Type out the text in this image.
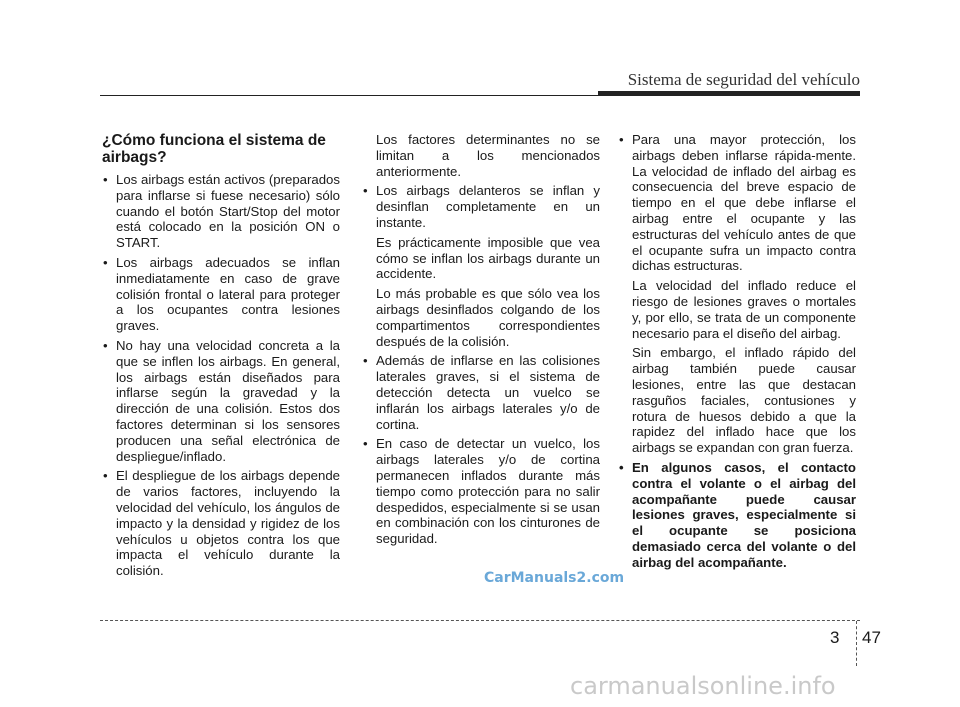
Sistema de seguridad del vehículo
¿Cómo funciona el sistema de airbags?
• Los airbags están activos (preparados para inflarse si fuese necesario) sólo cuando el botón Start/Stop del motor está colocado en la posición ON o START.
• Los airbags adecuados se inflan inmediatamente en caso de grave colisión frontal o lateral para proteger a los ocupantes contra lesiones graves.
• No hay una velocidad concreta a la que se inflen los airbags. En general, los airbags están diseñados para inflarse según la gravedad y la dirección de una colisión. Estos dos factores determinan si los sensores producen una señal electrónica de despliegue/inflado.
• El despliegue de los airbags depende de varios factores, incluyendo la velocidad del vehículo, los ángulos de impacto y la densidad y rigidez de los vehículos u objetos contra los que impacta el vehículo durante la colisión.

Los factores determinantes no se limitan a los mencionados anteriormente.

• Los airbags delanteros se inflan y desinflan completamente en un instante.

Es prácticamente imposible que vea cómo se inflan los airbags durante un accidente.

Lo más probable es que sólo vea los airbags desinflados colgando de los compartimentos correspondientes después de la colisión.

• Además de inflarse en las colisiones laterales graves, si el sistema de detección detecta un vuelco se inflarán los airbags laterales y/o de cortina.
• En caso de detectar un vuelco, los airbags laterales y/o de cortina permanecen inflados durante más tiempo como protección para no salir despedidos, especialmente si se usan en combinación con los cinturones de seguridad.
• Para una mayor protección, los airbags deben inflarse rápida-mente. La velocidad de inflado del airbag es consecuencia del breve espacio de tiempo en el que debe inflarse el airbag entre el ocupante y las estructuras del vehículo antes de que el ocupante sufra un impacto contra dichas estructuras.

La velocidad del inflado reduce el riesgo de lesiones graves o mortales y, por ello, se trata de un componente necesario para el diseño del airbag.

Sin embargo, el inflado rápido del airbag también puede causar lesiones, entre las que destacan rasguños faciales, contusiones y rotura de huesos debido a que la rapidez del inflado hace que los airbags se expandan con gran fuerza.

• En algunos casos, el contacto contra el volante o el airbag del acompañante puede causar lesiones graves, especialmente si el ocupante se posiciona demasiado cerca del volante o del airbag del acompañante.
CarManuals2.com
3 47
carmanualsonline.info
